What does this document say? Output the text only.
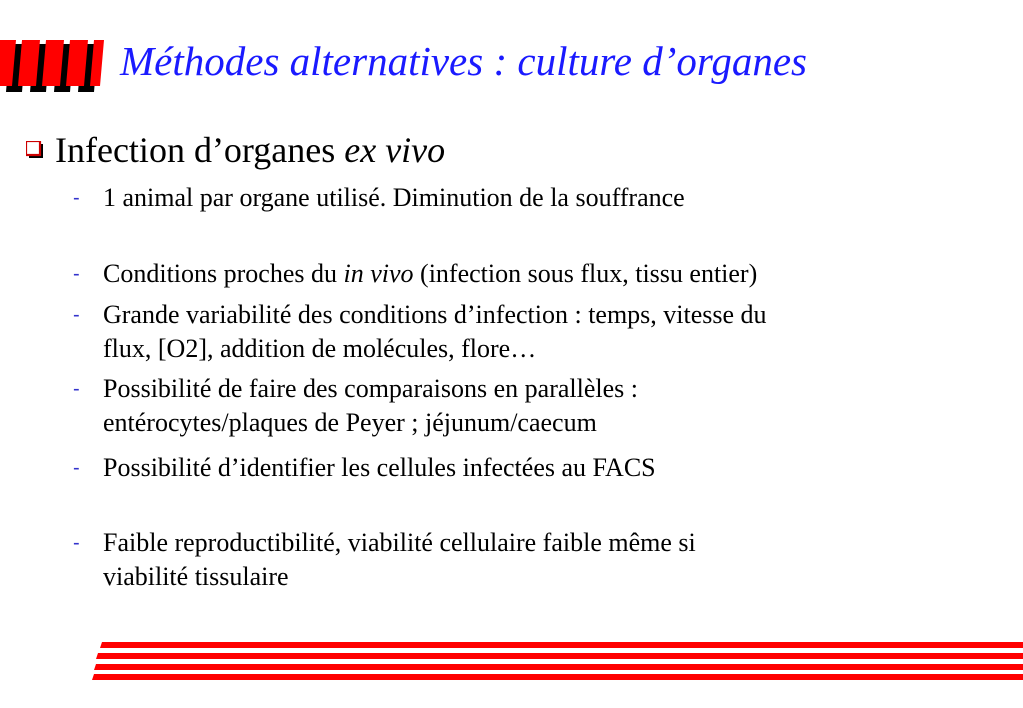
Méthodes alternatives : culture d’organes
Infection d’organes ex vivo
- 1 animal par organe utilisé. Diminution de la souffrance
- Conditions proches du in vivo (infection sous flux, tissu entier)
- Grande variabilité des conditions d’infection : temps, vitesse du
flux, [O2], addition de molécules, flore…
- Possibilité de faire des comparaisons en parallèles :
entérocytes/plaques de Peyer ; jéjunum/caecum
- Possibilité d’identifier les cellules infectées au FACS
- Faible reproductibilité, viabilité cellulaire faible même si
viabilité tissulaire
